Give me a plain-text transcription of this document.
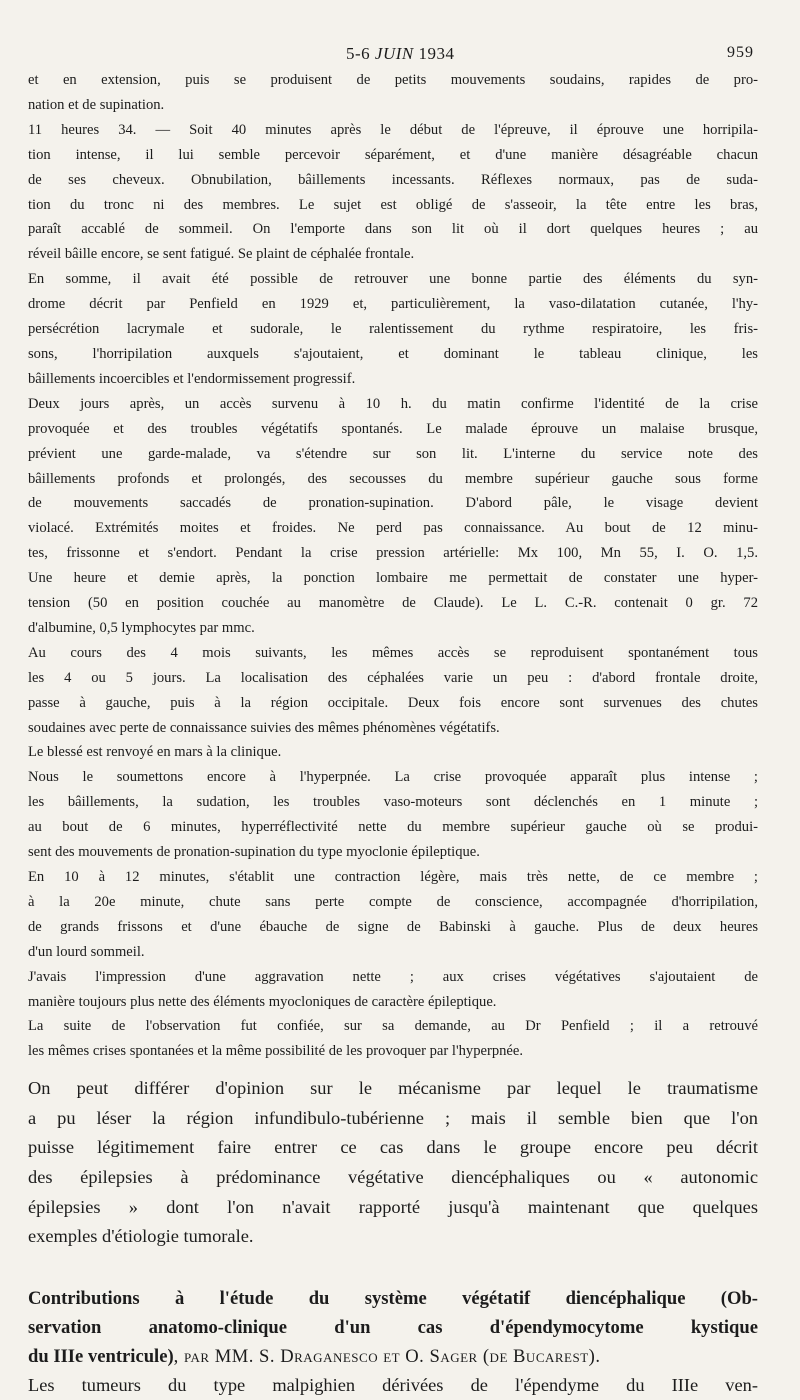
5-6 JUIN 1934	959
et en extension, puis se produisent de petits mouvements soudains, rapides de pro-
nation et de supination.
11 heures 34. — Soit 40 minutes après le début de l'épreuve, il éprouve une horripila-
tion intense, il lui semble percevoir séparément, et d'une manière désagréable chacun
de ses cheveux. Obnubilation, bâillements incessants. Réflexes normaux, pas de suda-
tion du tronc ni des membres. Le sujet est obligé de s'asseoir, la tête entre les bras,
paraît accablé de sommeil. On l'emporte dans son lit où il dort quelques heures ; au
réveil bâille encore, se sent fatigué. Se plaint de céphalée frontale.
En somme, il avait été possible de retrouver une bonne partie des éléments du syn-
drome décrit par Penfield en 1929 et, particulièrement, la vaso-dilatation cutanée, l'hy-
persécrétion lacrymale et sudorale, le ralentissement du rythme respiratoire, les fris-
sons, l'horripilation auxquels s'ajoutaient, et dominant le tableau clinique, les
bâillements incoercibles et l'endormissement progressif.
Deux jours après, un accès survenu à 10 h. du matin confirme l'identité de la crise
provoquée et des troubles végétatifs spontanés. Le malade éprouve un malaise brusque,
prévient une garde-malade, va s'étendre sur son lit. L'interne du service note des
bâillements profonds et prolongés, des secousses du membre supérieur gauche sous forme
de mouvements saccadés de pronation-supination. D'abord pâle, le visage devient
violacé. Extrémités moites et froides. Ne perd pas connaissance. Au bout de 12 minu-
tes, frissonne et s'endort. Pendant la crise pression artérielle: Mx 100, Mn 55, I. O. 1,5.
Une heure et demie après, la ponction lombaire me permettait de constater une hyper-
tension (50 en position couchée au manomètre de Claude). Le L. C.-R. contenait 0 gr. 72
d'albumine, 0,5 lymphocytes par mmc.
Au cours des 4 mois suivants, les mêmes accès se reproduisent spontanément tous
les 4 ou 5 jours. La localisation des céphalées varie un peu : d'abord frontale droite,
passe à gauche, puis à la région occipitale. Deux fois encore sont survenues des chutes
soudaines avec perte de connaissance suivies des mêmes phénomènes végétatifs.
Le blessé est renvoyé en mars à la clinique.
Nous le soumettons encore à l'hyperpnée. La crise provoquée apparaît plus intense ;
les bâillements, la sudation, les troubles vaso-moteurs sont déclenchés en 1 minute ;
au bout de 6 minutes, hyperréflectivité nette du membre supérieur gauche où se produi-
sent des mouvements de pronation-supination du type myoclonie épileptique.
En 10 à 12 minutes, s'établit une contraction légère, mais très nette, de ce membre ;
à la 20e minute, chute sans perte compte de conscience, accompagnée d'horripilation,
de grands frissons et d'une ébauche de signe de Babinski à gauche. Plus de deux heures
d'un lourd sommeil.
J'avais l'impression d'une aggravation nette ; aux crises végétatives s'ajoutaient de
manière toujours plus nette des éléments myocloniques de caractère épileptique.
La suite de l'observation fut confiée, sur sa demande, au Dr Penfield ; il a retrouvé
les mêmes crises spontanées et la même possibilité de les provoquer par l'hyperpnée.
On peut différer d'opinion sur le mécanisme par lequel le traumatisme
a pu léser la région infundibulo-tubérienne ; mais il semble bien que l'on
puisse légitimement faire entrer ce cas dans le groupe encore peu décrit
des épilepsies à prédominance végétative diencéphaliques ou « autonomic
épilepsies » dont l'on n'avait rapporté jusqu'à maintenant que quelques
exemples d'étiologie tumorale.
Contributions à l'étude du système végétatif diencéphalique (Ob-
servation anatomo-clinique d'un cas d'épendymocytome kystique
du IIIe ventricule), par MM. S. Draganesco et O. Sager (de Bucarest).
Les tumeurs du type malpighien dérivées de l'épendyme du IIIe ven-
